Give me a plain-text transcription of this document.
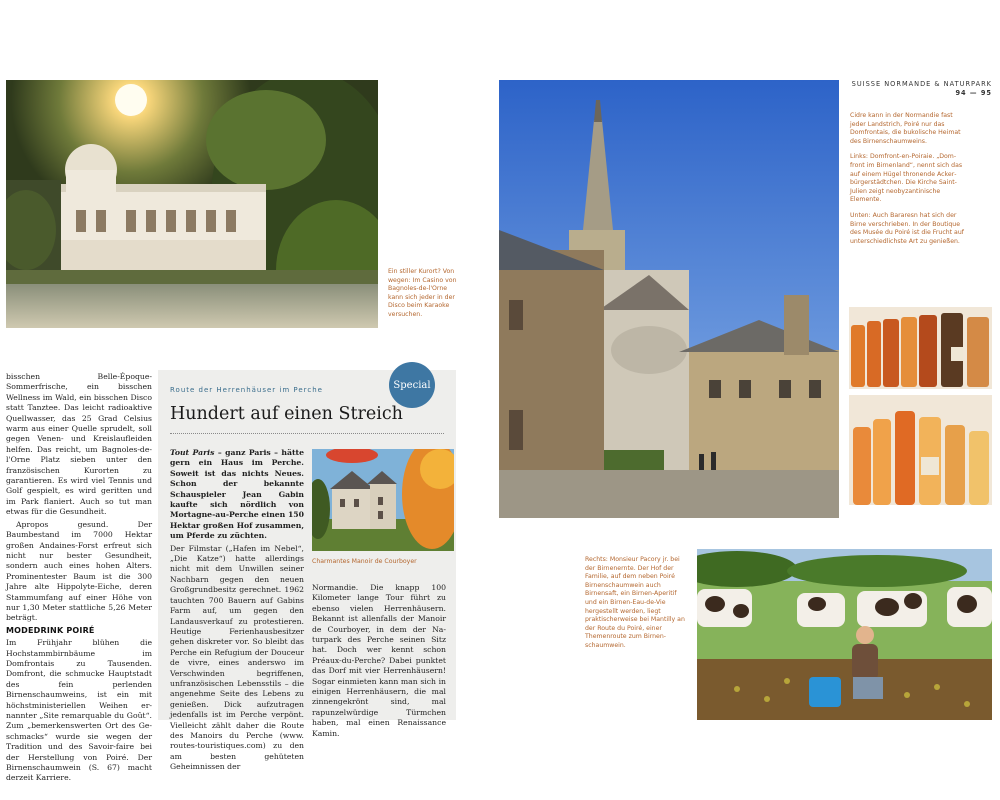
Ein stiller Kurort? Von wegen: Im Casino von Bagnoles-de-l'Orne kann sich jeder in der Disco beim Karaoke versuchen.

bisschen Belle-Époque-Sommerfrische, ein bisschen Wellness im Wald, ein bisschen Disco statt Tanztee. Das leicht radioaktive Quellwasser, das 25 Grad Celsius warm aus einer Quelle sprudelt, soll gegen Venen- und Kreislaufleiden helfen. Das reicht, um Bagnoles-de-l'Orne Platz sieben unter den französischen Kurorten zu garantieren. Es wird viel Tennis und Golf gespielt, es wird geritten und im Park flaniert. Auch so tut man etwas für die Gesundheit.

Apropos gesund. Der Baumbestand im 7000 Hektar großen Andaines-Forst erfreut sich nicht nur bester Gesundheit, sondern auch eines hohen Alters. Prominentester Baum ist die 300 Jahre alte Hippolyte-Eiche, deren Stammumfang auf einer Höhe von nur 1,30 Meter stattliche 5,26 Meter beträgt.

MODEDRINK POIRÉ

Im Frühjahr blühen die Hochstammbirnbäume im Domfrontais zu Tausenden. Domfront, die schmucke Hauptstadt des fein perlenden Birnenschaumweins, ist ein mit höchstministeriellen Weihen ernannter „Site remarquable du Goût“. Zum „bemerkenswerten Ort des Geschmacks“ wurde sie wegen der Tradition und des Savoir-faire bei der Herstellung von Poiré. Der Birnenschaumwein (S. 67) macht derzeit Karriere.

Special
Route der Herrenhäuser im Perche
Hundert auf einen Streich

Tout Paris – ganz Paris – hätte gern ein Haus im Perche. Soweit ist das nichts Neues. Schon der bekannte Schauspieler Jean Gabin kaufte sich nördlich von Mortagne-au-Perche einen 150 Hektar großen Hof zusammen, um Pferde zu züchten.

Der Filmstar („Hafen im Nebel“, „Die Katze“) hatte allerdings nicht mit dem Unwillen seiner Nachbarn gegen den neuen Großgrundbesitz gerechnet. 1962 tauchten 700 Bauern auf Gabins Farm auf, um gegen den Landausverkauf zu protestieren. Heutige Ferienhausbesitzer gehen diskreter vor. So bleibt das Perche ein Refugium der Douceur de vivre, eines anderswo im Verschwinden begriffenen, unfranzösischen Lebensstils – die angenehme Seite des Lebens zu genießen. Dick aufzutragen jedenfalls ist im Perche verpönt. Vielleicht zählt daher die Route des Manoirs du Perche (www. routes-touristiques.com) zu den am besten gehüteten Geheimnissen der

Charmantes Manoir de Courboyer
Normandie. Die knapp 100 Kilometer lange Tour führt zu ebenso vielen Herrenhäusern. Bekannt ist allenfalls der Manoir de Courboyer, in dem der Naturpark des Perche seinen Sitz hat. Doch wer kennt schon Préaux-du-Perche? Dabei punktet das Dorf mit vier Herrenhäusern! Sogar einmieten kann man sich in einigen Herrenhäusern, die mal zinnengekrönt sind, mal rapunzelwürdige Türmchen haben, mal einen Renaissance Kamin.
SUISSE NORMANDE & NATURPARK
94 — 95

Cidre kann in der Normandie fast jeder Landstrich, Poiré nur das Domfrontais, die bukolische Heimat des Birnenschaumweins.

Links: Domfront-en-Poiraie. „Domfront im Birnenland“, nennt sich das auf einem Hügel thronende Ackerbürgerstädtchen. Die Kirche Saint-Julien zeigt neobyzantinische Elemente.

Unten: Auch Bararesn hat sich der Birne verschrieben. In der Boutique des Musée du Poiré ist die Frucht auf unterschiedlichste Art zu genießen.

Rechts: Monsieur Pacory jr. bei der Birnenernte. Der Hof der Familie, auf dem neben Poiré Birnenschaumwein auch Birnensaft, ein Birnen-Aperitif und ein Birnen-Eau-de-Vie hergestellt werden, liegt praktischerweise bei Mantilly an der Route du Poiré, einer Themenroute zum Birnenschaumwein.
